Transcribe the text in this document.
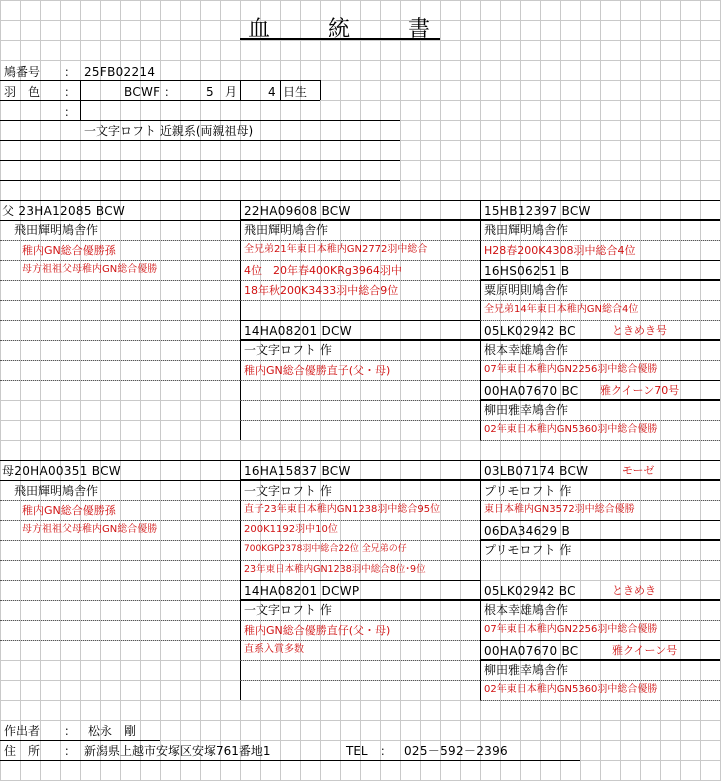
血	統	書
鳩番号 ： 25FB02214
羽　色 ：	BCWF ： 5 月	4 日生
：
一文字ロフト 近親系(両親祖母)
父 23HA12085 BCW
飛田輝明鳩舎作
稚内GN総合優勝孫
母方祖祖父母稚内GN総合優勝
22HA09608 BCW
飛田輝明鳩舎作
全兄弟21年東日本稚内GN2772羽中総合
4位　20年春400KRg3964羽中
18年秋200K3433羽中総合9位
14HA08201 DCW
一文字ロフト 作
稚内GN総合優勝直子(父・母)
15HB12397 BCW
飛田輝明鳩舎作
H28春200K4308羽中総合4位
16HS06251 B
粟原明則鳩舎作
全兄弟14年東日本稚内GN総合4位
05LK02942 BC	ときめき号
根本幸雄鳩舎作
07年東日本稚内GN2256羽中総合優勝
00HA07670 BC 雅クイーン70号
柳田雅幸鳩舎作
02年東日本稚内GN5360羽中総合優勝
母20HA00351 BCW
飛田輝明鳩舎作
稚内GN総合優勝孫
母方祖祖父母稚内GN総合優勝
16HA15837 BCW
一文字ロフト 作
直子23年東日本稚内GN1238羽中総合95位
200K1192羽中10位
700KGP2378羽中総合22位 全兄弟の仔
23年東日本稚内GN1238羽中総合8位･9位
14HA08201 DCWP
一文字ロフト 作
稚内GN総合優勝直仔(父・母)
直系入賞多数
03LB07174 BCW	モーゼ
プリモロフト 作
東日本稚内GN3572羽中総合優勝
06DA34629 B
プリモロフト 作
05LK02942 BC	ときめき
根本幸雄鳩舎作
07年東日本稚内GN2256羽中総合優勝
00HA07670 BC	雅クイーン号
柳田雅幸鳩舎作
02年東日本稚内GN5360羽中総合優勝
作出者 ： 松永　剛
住　所 ： 新潟県上越市安塚区安塚761番地1	TEL ： 025－592－2396
